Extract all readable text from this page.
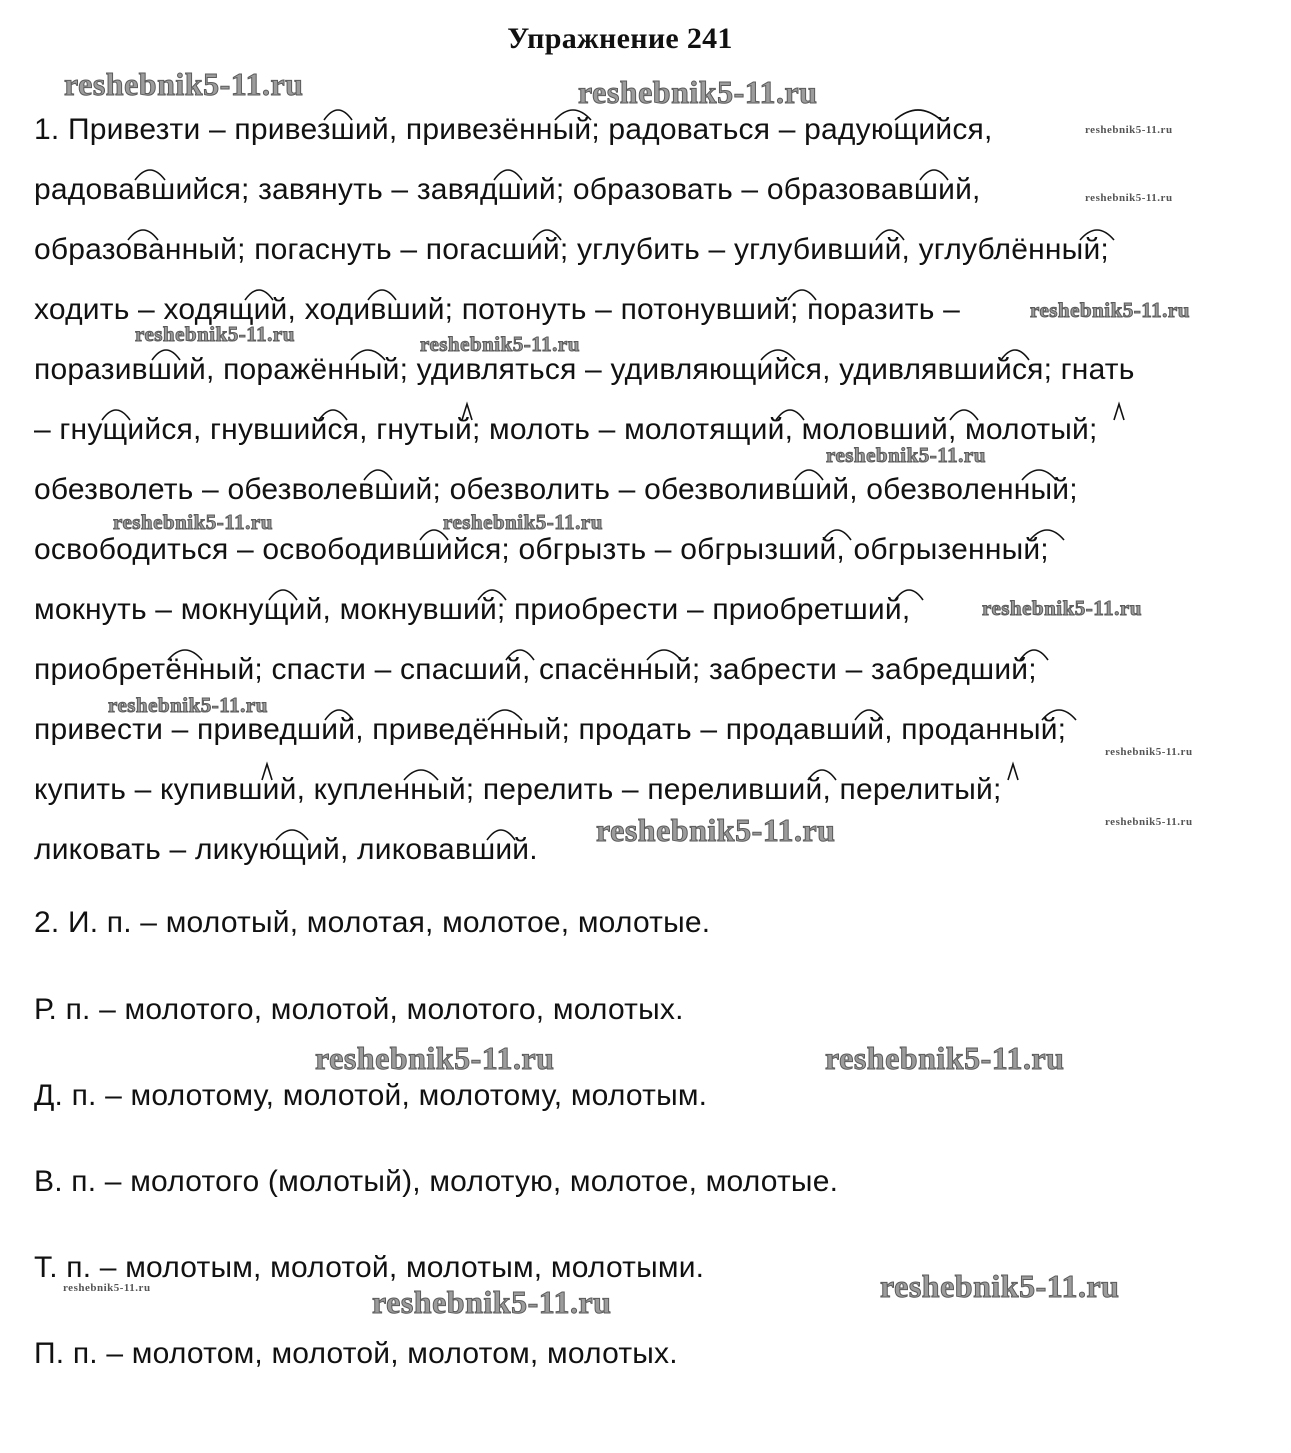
Упражнение 241
1. Привезти – привезший, привезённый; радоваться – радующийся,
радовавшийся; завянуть – завядший; образовать – образовавший,
образованный; погаснуть – погасший; углубить – углубивший, углублённый;
ходить – ходящий, ходивший; потонуть – потонувший; поразить –
поразивший, поражённый; удивляться – удивляющийся, удивлявшийся; гнать
– гнущийся, гнувшийся, гнутый; молоть – молотящий, моловший, молотый;
обезволеть – обезволевший; обезволить – обезволивший, обезволенный;
освободиться – освободившийся; обгрызть – обгрызший, обгрызенный;
мокнуть – мокнущий, мокнувший; приобрести – приобретший,
приобретённый; спасти – спасший, спасённый; забрести – забредший;
привести – приведший, приведённый; продать – продавший, проданный;
купить – купивший, купленный; перелить – переливший, перелитый;
ликовать – ликующий, ликовавший.
2. И. п. – молотый, молотая, молотое, молотые.
Р. п. – молотого, молотой, молотого, молотых.
Д. п. – молотому, молотой, молотому, молотым.
В. п. – молотого (молотый), молотую, молотое, молотые.
Т. п. – молотым, молотой, молотым, молотыми.
П. п. – молотом, молотой, молотом, молотых.
reshebnik5-11.ru	reshebnik5-11.ru
reshebnik5-11.ru
reshebnik5-11.ru
reshebnik5-11.ru
reshebnik5-11.ru	reshebnik5-11.ru
reshebnik5-11.ru
reshebnik5-11.ru	reshebnik5-11.ru
reshebnik5-11.ru
reshebnik5-11.ru
reshebnik5-11.ru
reshebnik5-11.ru
reshebnik5-11.ru
reshebnik5-11.ru	reshebnik5-11.ru
reshebnik5-11.ru
reshebnik5-11.ru	reshebnik5-11.ru
